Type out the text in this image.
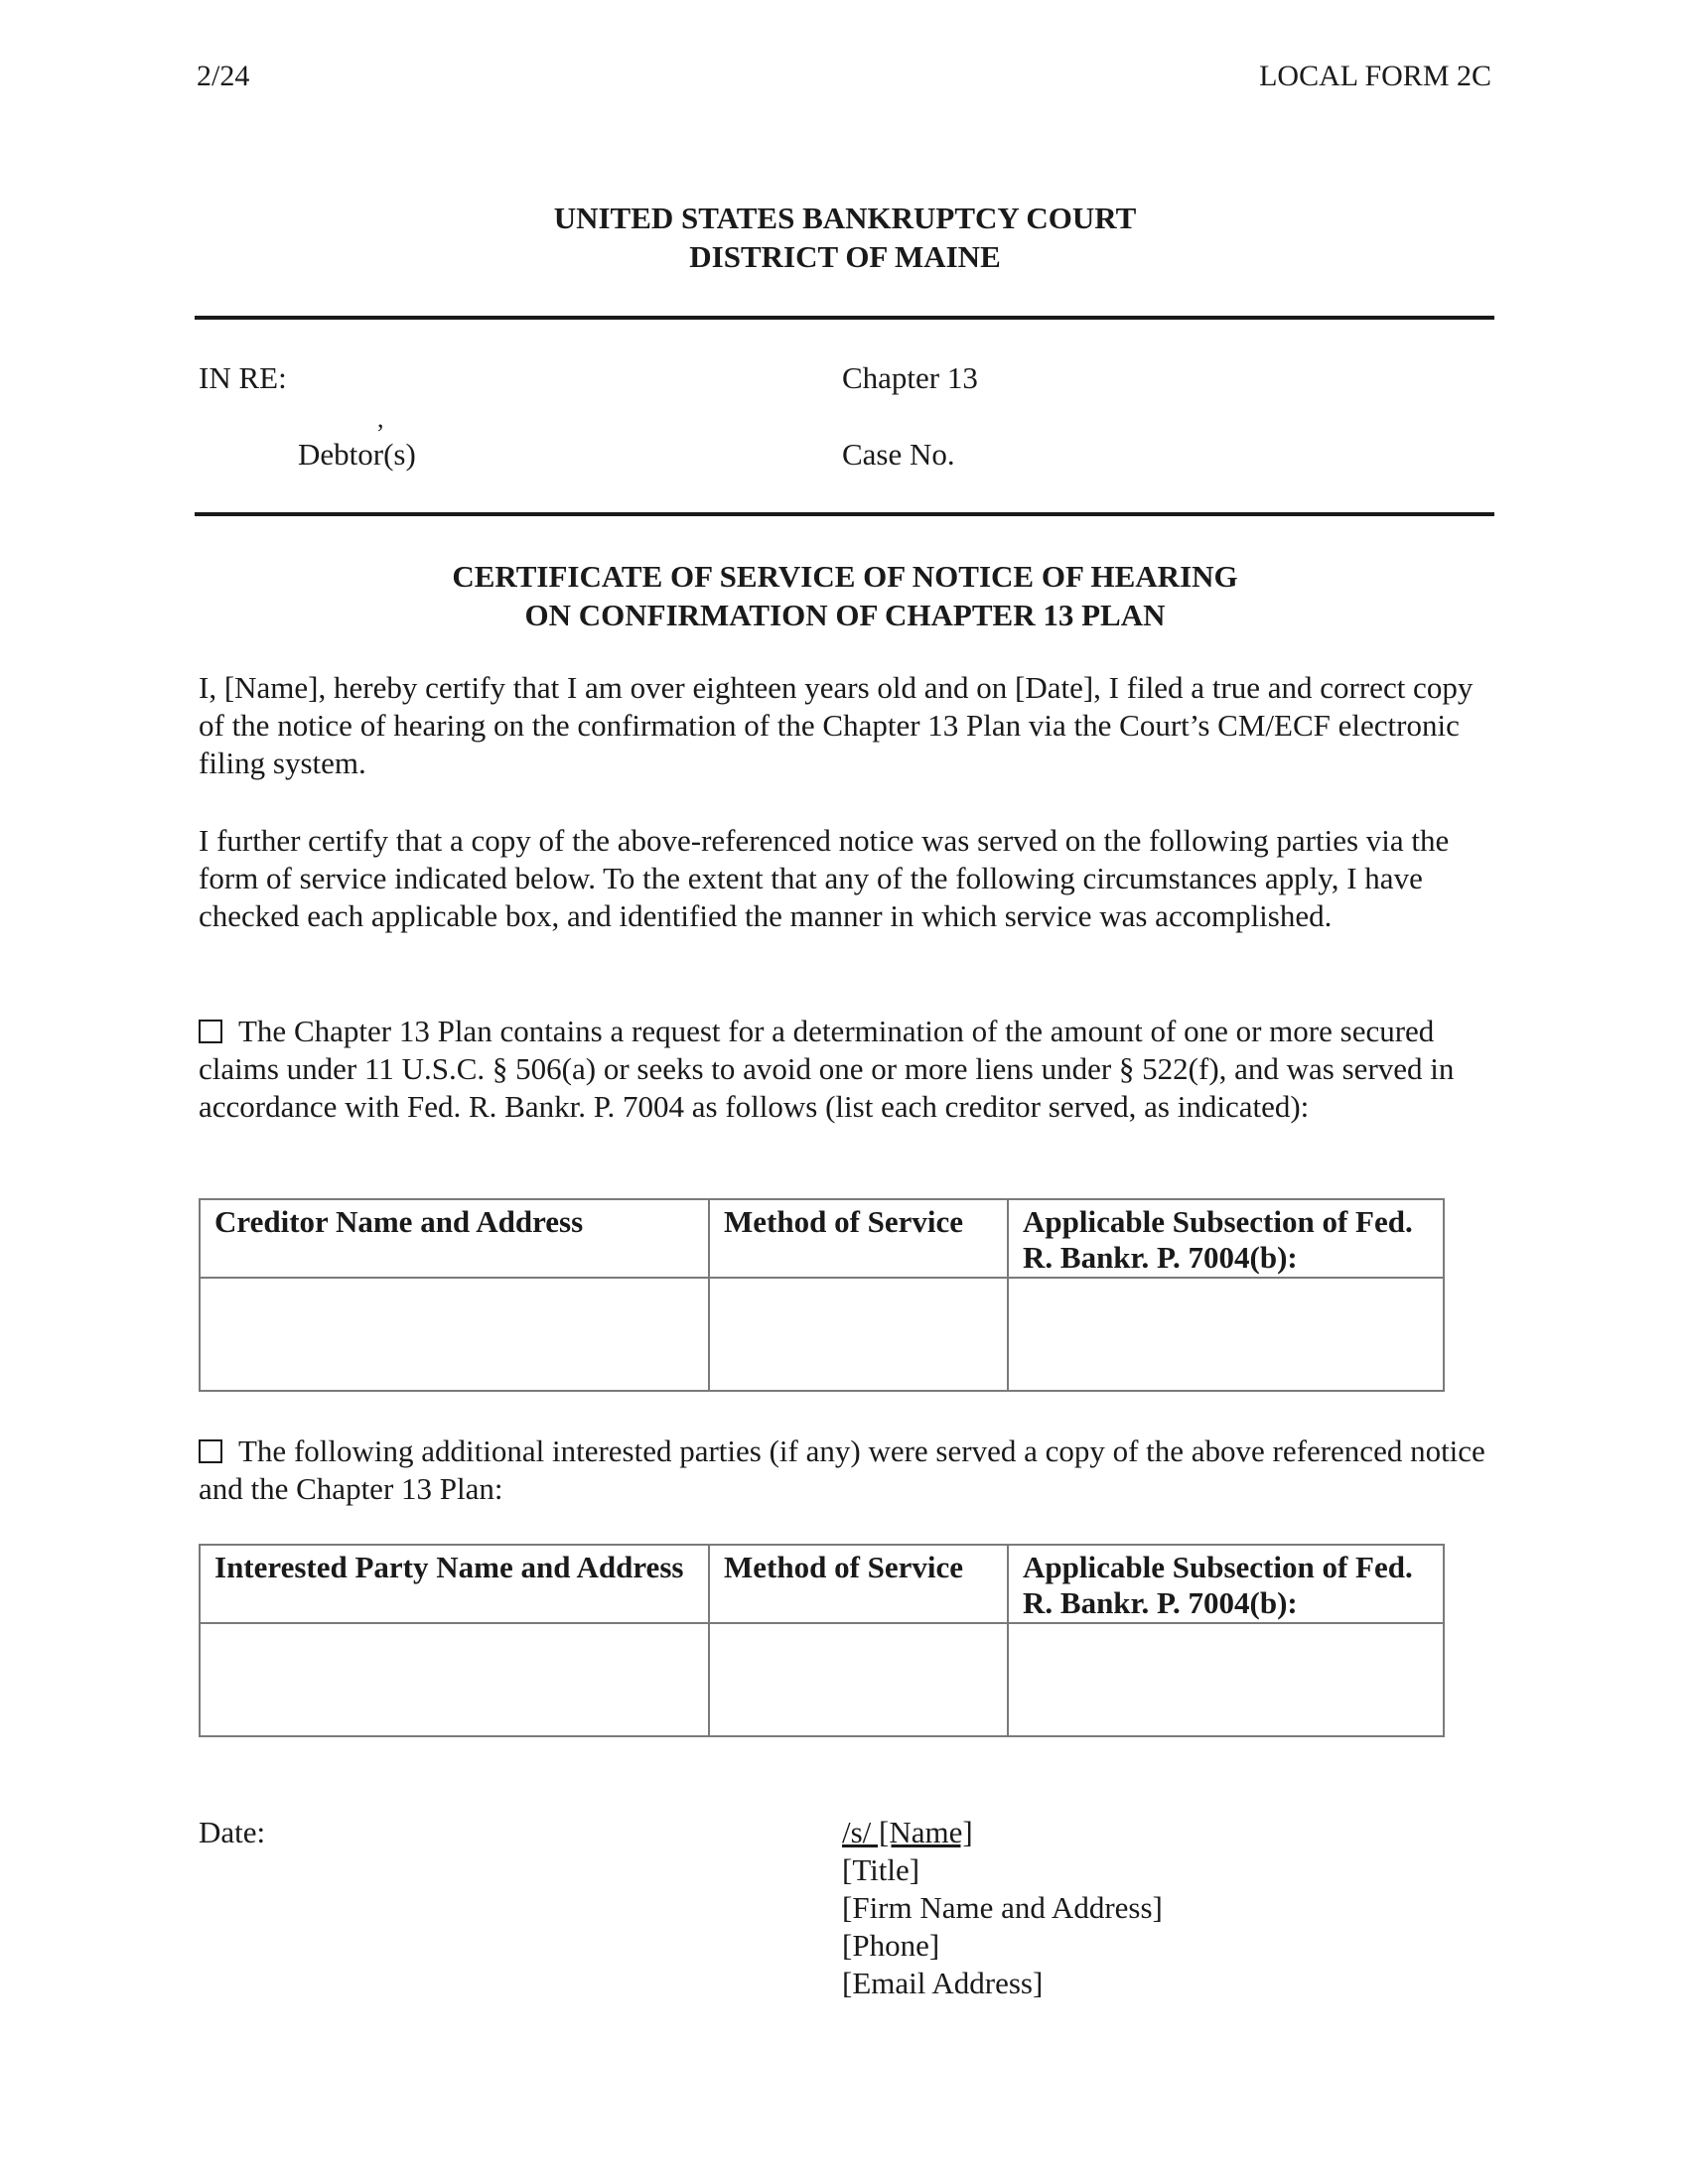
2/24	LOCAL FORM 2C
UNITED STATES BANKRUPTCY COURT
DISTRICT OF MAINE
IN RE:
,
Debtor(s)
Chapter 13
Case No.
CERTIFICATE OF SERVICE OF NOTICE OF HEARING
ON CONFIRMATION OF CHAPTER 13 PLAN
I, [Name], hereby certify that I am over eighteen years old and on [Date], I filed a true and correct copy of the notice of hearing on the confirmation of the Chapter 13 Plan via the Court’s CM/ECF electronic filing system.
I further certify that a copy of the above-referenced notice was served on the following parties via the form of service indicated below. To the extent that any of the following circumstances apply, I have checked each applicable box, and identified the manner in which service was accomplished.
The Chapter 13 Plan contains a request for a determination of the amount of one or more secured claims under 11 U.S.C. § 506(a) or seeks to avoid one or more liens under § 522(f), and was served in accordance with Fed. R. Bankr. P. 7004 as follows (list each creditor served, as indicated):
Creditor Name and Address	Method of Service	Applicable Subsection of Fed. R. Bankr. P. 7004(b):

The following additional interested parties (if any) were served a copy of the above referenced notice and the Chapter 13 Plan:
Interested Party Name and Address	Method of Service	Applicable Subsection of Fed. R. Bankr. P. 7004(b):

Date:	/s/ [Name]
[Title]
[Firm Name and Address]
[Phone]
[Email Address]
